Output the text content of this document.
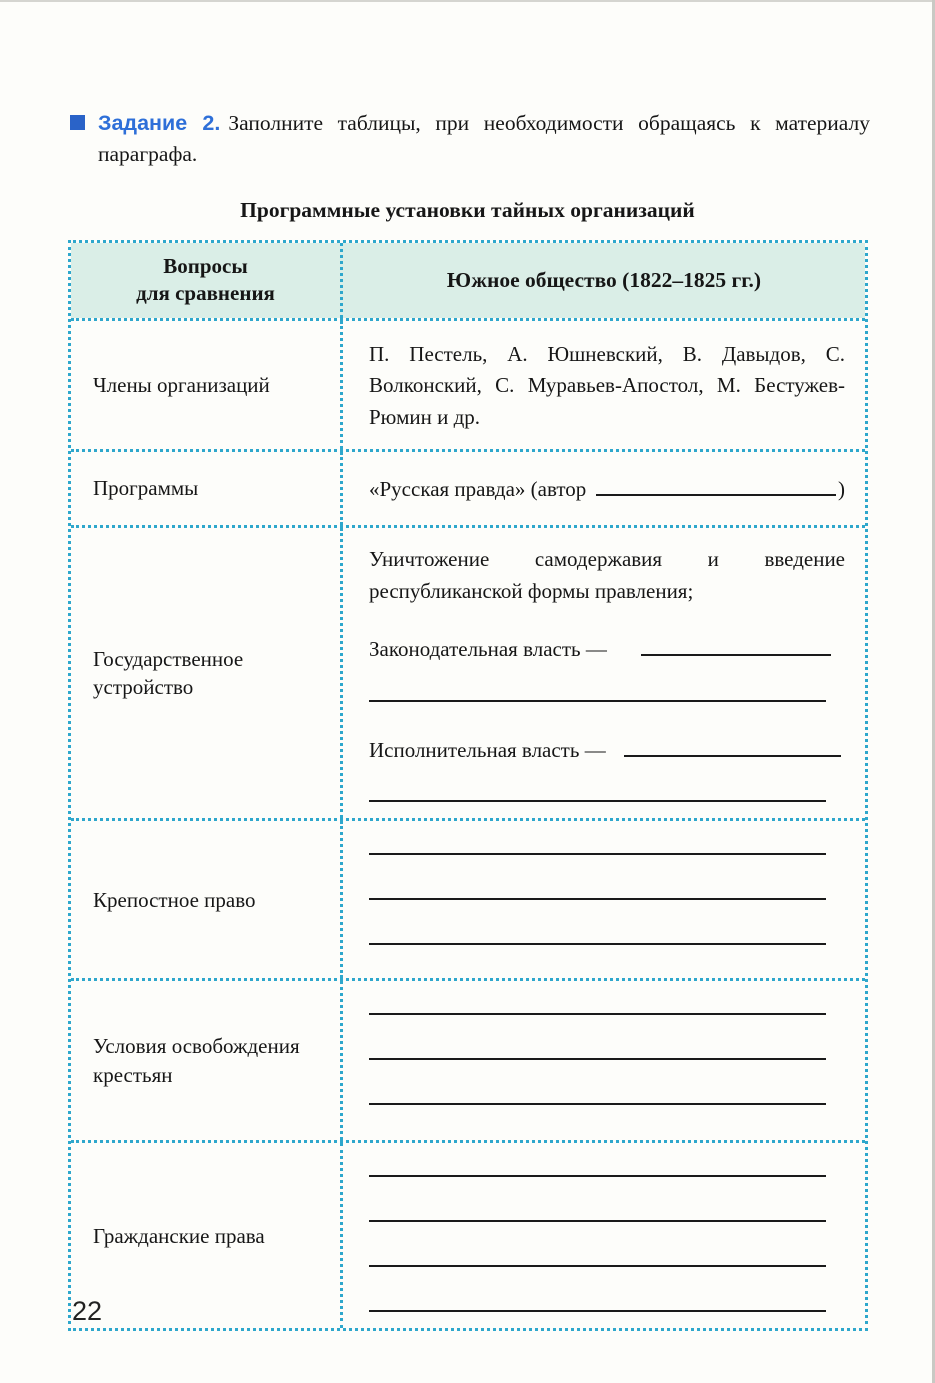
Задание 2. Заполните таблицы, при необходимости обращаясь к материалу параграфа.
Программные установки тайных организаций
Вопросы
для сравнения
Южное общество (1822–1825 гг.)
Члены организаций
П. Пестель, А. Юшневский, В. Давыдов, С. Волконский, С. Муравьев-Апостол, М. Бестужев-Рюмин и др.
Программы	«Русская правда» (автор	)
Государственное устройство
Уничтожение самодержавия и введение республиканской формы правления;
Законодательная власть —
Исполнительная власть —
Крепостное право
Условия освобождения крестьян
Гражданские права
22
